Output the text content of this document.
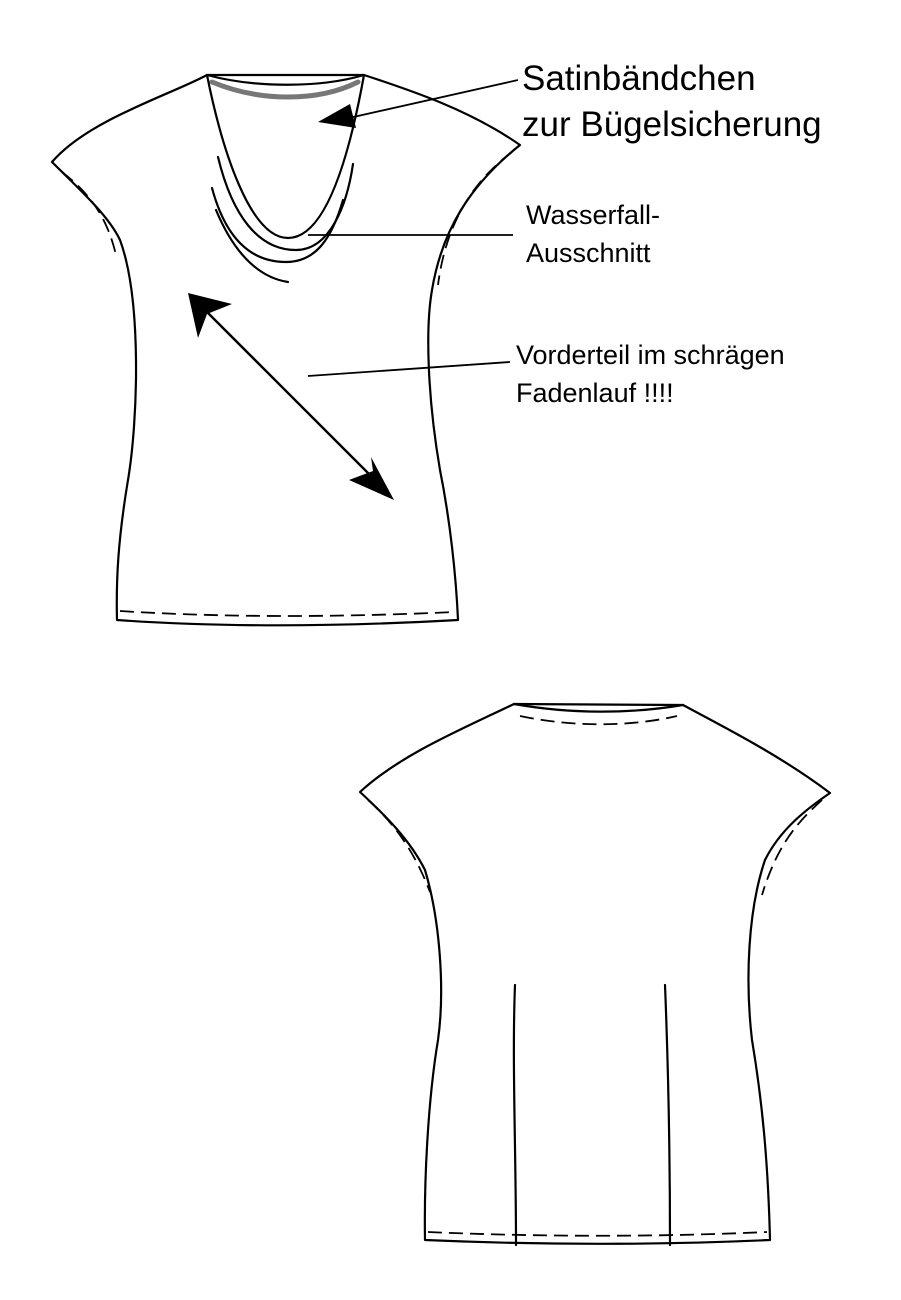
Satinbändchen
zur Bügelsicherung
Wasserfall-
Ausschnitt
Vorderteil im schrägen
Fadenlauf !!!!
